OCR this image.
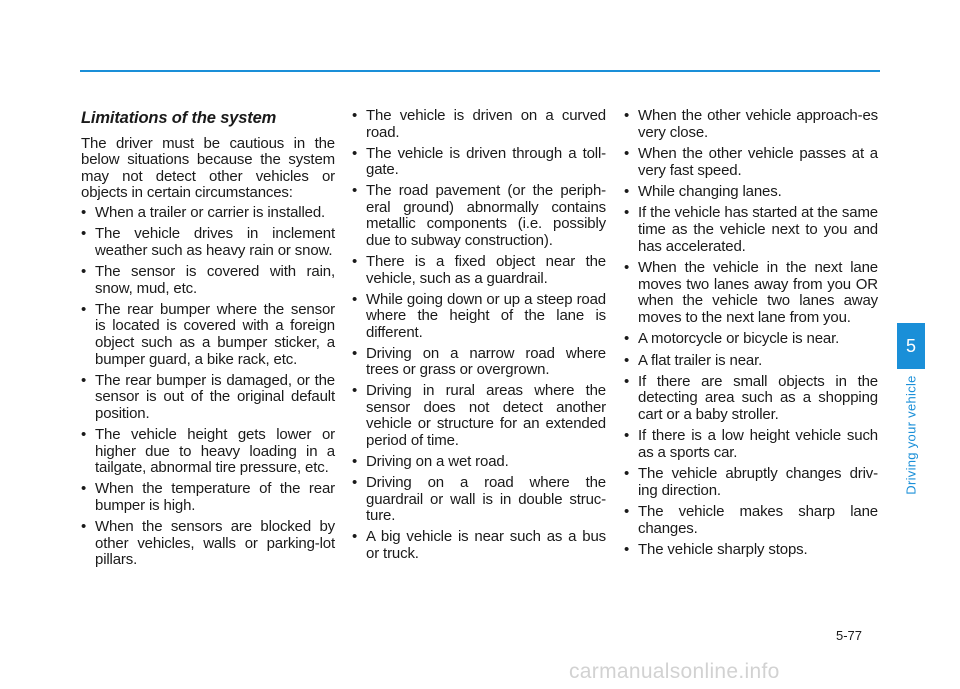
Limitations of the system

The driver must be cautious in the below situations because the system may not detect other vehicles or objects in certain circumstances:

• When a trailer or carrier is installed.
• The vehicle drives in inclement weather such as heavy rain or snow.
• The sensor is covered with rain, snow, mud, etc.
• The rear bumper where the sensor is located is covered with a foreign object such as a bumper sticker, a bumper guard, a bike rack, etc.
• The rear bumper is damaged, or the sensor is out of the original default position.
• The vehicle height gets lower or higher due to heavy loading in a tailgate, abnormal tire pressure, etc.
• When the temperature of the rear bumper is high.
• When the sensors are blocked by other vehicles, walls or parking-lot pillars.
• The vehicle is driven on a curved road.
• The vehicle is driven through a toll-gate.
• The road pavement (or the periph-eral ground) abnormally contains metallic components (i.e. possibly due to subway construction).
• There is a fixed object near the vehicle, such as a guardrail.
• While going down or up a steep road where the height of the lane is different.
• Driving on a narrow road where trees or grass or overgrown.
• Driving in rural areas where the sensor does not detect another vehicle or structure for an extended period of time.
• Driving on a wet road.
• Driving on a road where the guardrail or wall is in double struc-ture.
• A big vehicle is near such as a bus or truck.
• When the other vehicle approach-es very close.
• When the other vehicle passes at a very fast speed.
• While changing lanes.
• If the vehicle has started at the same time as the vehicle next to you and has accelerated.
• When the vehicle in the next lane moves two lanes away from you OR when the vehicle two lanes away moves to the next lane from you.
• A motorcycle or bicycle is near.
• A flat trailer is near.
• If there are small objects in the detecting area such as a shopping cart or a baby stroller.
• If there is a low height vehicle such as a sports car.
• The vehicle abruptly changes driv-ing direction.
• The vehicle makes sharp lane changes.
• The vehicle sharply stops.
5
Driving your vehicle
5-77
carmanualsonline.info
